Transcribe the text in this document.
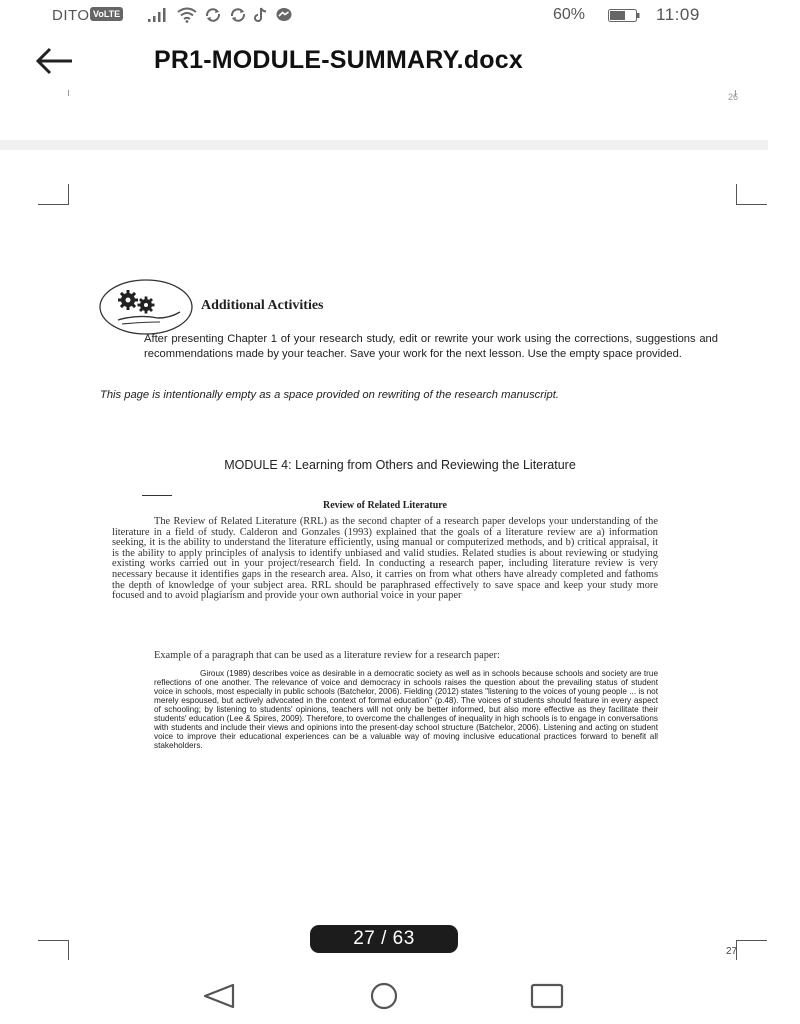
DITO VoLTE	60%	11:09
PR1-MODULE-SUMMARY.docx
26
Additional Activities
After presenting Chapter 1 of your research study, edit or rewrite your work using the corrections, suggestions and recommendations made by your teacher. Save your work for the next lesson. Use the empty space provided.
This page is intentionally empty as a space provided on rewriting of the research manuscript.
MODULE 4: Learning from Others and Reviewing the Literature
Review of Related Literature

The Review of Related Literature (RRL) as the second chapter of a research paper develops your understanding of the literature in a field of study. Calderon and Gonzales (1993) explained that the goals of a literature review are a) information seeking, it is the ability to understand the literature efficiently, using manual or computerized methods, and b) critical appraisal, it is the ability to apply principles of analysis to identify unbiased and valid studies. Related studies is about reviewing or studying existing works carried out in your project/research field. In conducting a research paper, including literature review is very necessary because it identifies gaps in the research area. Also, it carries on from what others have already completed and fathoms the depth of knowledge of your subject area. RRL should be paraphrased effectively to save space and keep your study more focused and to avoid plagiarism and provide your own authorial voice in your paper

Example of a paragraph that can be used as a literature review for a research paper:

Giroux (1989) describes voice as desirable in a democratic society as well as in schools because schools and society are true reflections of one another. The relevance of voice and democracy in schools raises the question about the prevailing status of student voice in schools, most especially in public schools (Batchelor, 2006). Fielding (2012) states "listening to the voices of young people ... is not merely espoused, but actively advocated in the context of formal education" (p.48). The voices of students should feature in every aspect of schooling; by listening to students' opinions, teachers will not only be better informed, but also more effective as they facilitate their students' education (Lee & Spires, 2009). Therefore, to overcome the challenges of inequality in high schools is to engage in conversations with students and include their views and opinions into the present-day school structure (Batchelor, 2006). Listening and acting on student voice to improve their educational experiences can be a valuable way of moving inclusive educational practices forward to benefit all stakeholders.

27
27 / 63
